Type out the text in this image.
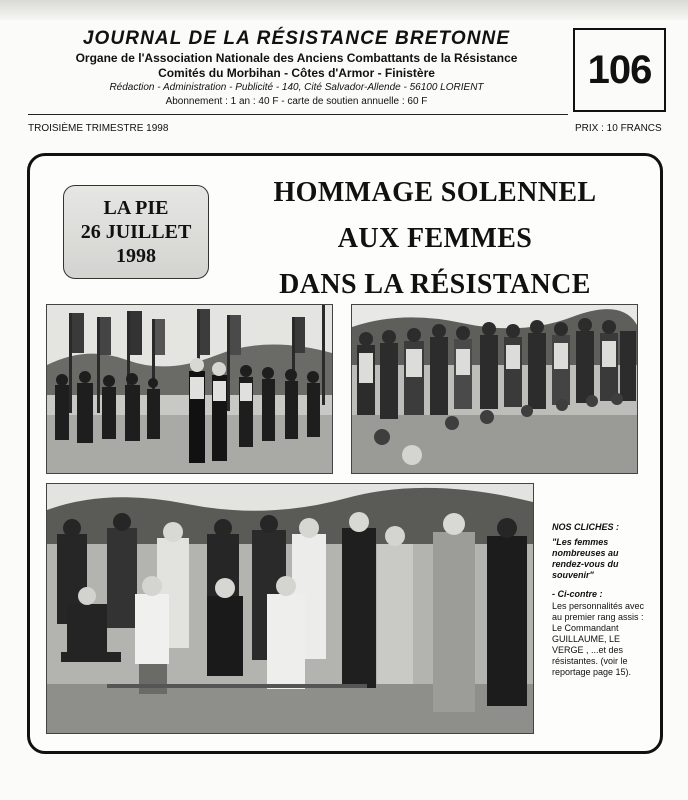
JOURNAL DE LA RÉSISTANCE BRETONNE
Organe de l'Association Nationale des Anciens Combattants de la Résistance
Comités du Morbihan - Côtes d'Armor - Finistère
Rédaction - Administration - Publicité - 140, Cité Salvador-Allende - 56100 LORIENT
Abonnement : 1 an : 40 F - carte de soutien annuelle : 60 F
106
TROISIÈME TRIMESTRE 1998	PRIX : 10 FRANCS
LA PIE
26 JUILLET
1998
HOMMAGE SOLENNEL
AUX FEMMES
DANS LA RÉSISTANCE
NOS CLICHES :
"Les femmes nombreuses au rendez-vous du souvenir"
- Ci-contre :
Les personnalités avec au premier rang assis : Le Commandant GUILLAUME, LE VERGE , ...et des résistantes. (voir le reportage page 15).
